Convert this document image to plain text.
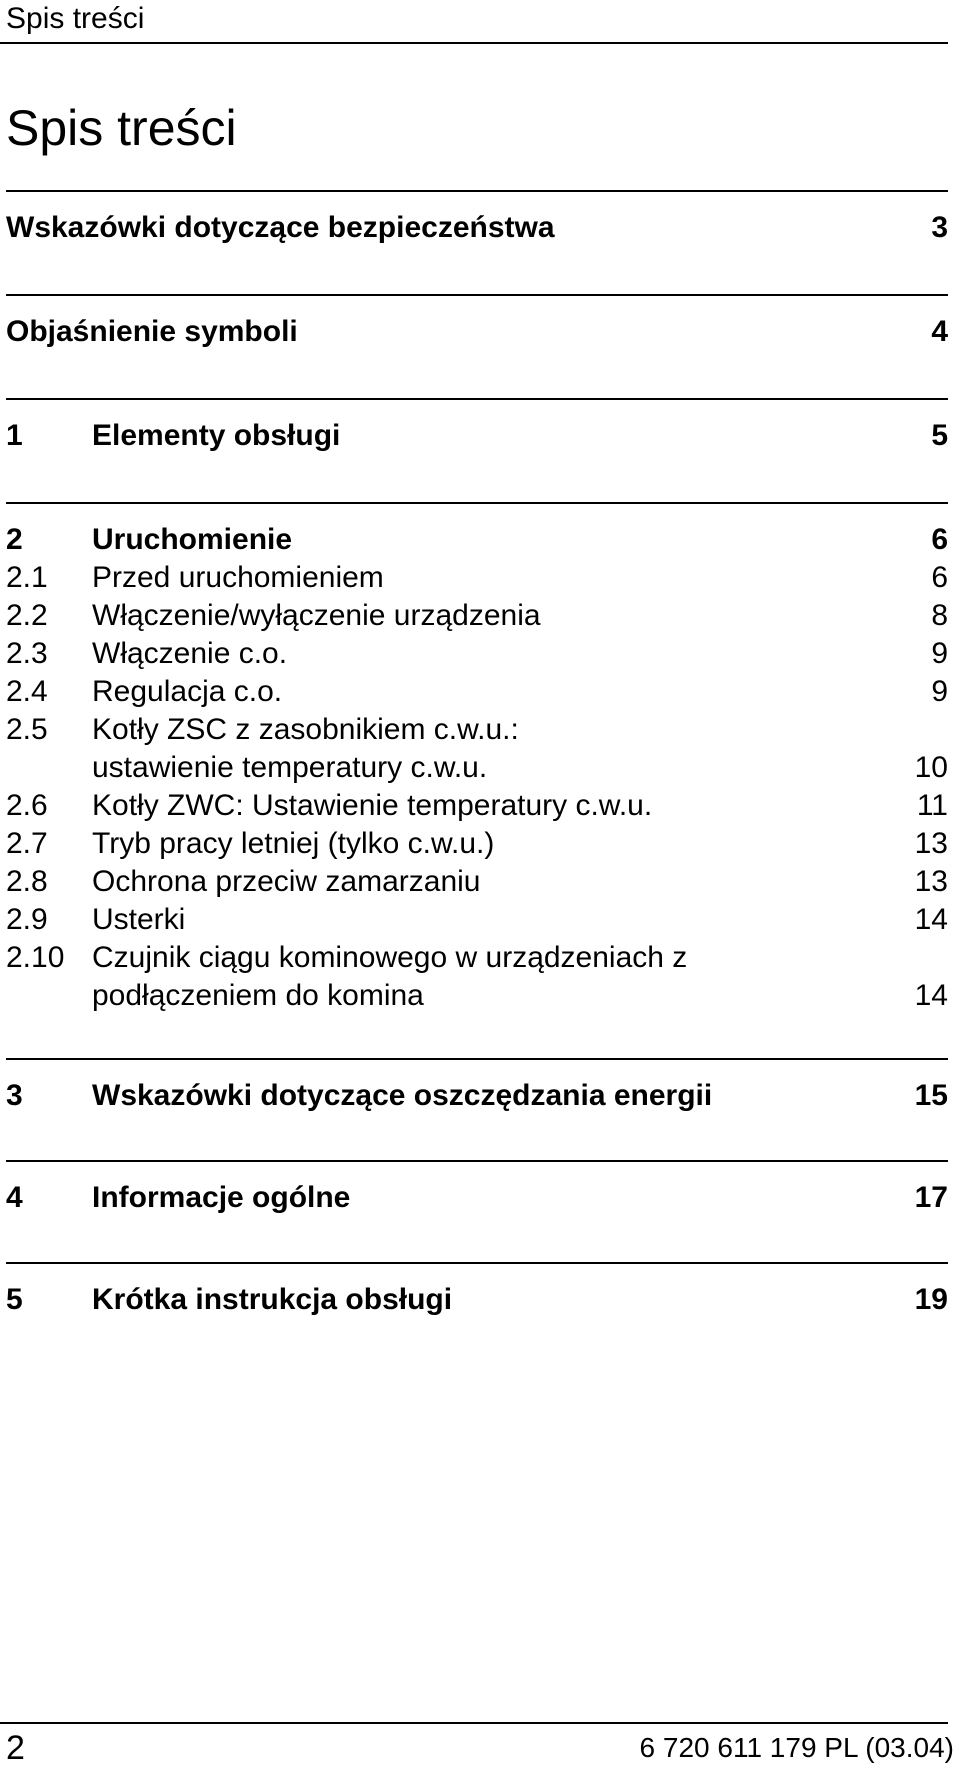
Spis treści
Spis treści
Wskazówki dotyczące bezpieczeństwa	3
Objaśnienie symboli	4
1 Elementy obsługi	5
2 Uruchomienie	6
2.1 Przed uruchomieniem	6
2.2 Włączenie/wyłączenie urządzenia	8
2.3 Włączenie c.o.	9
2.4 Regulacja c.o.	9
2.5 Kotły ZSC z zasobnikiem c.w.u.:
ustawienie temperatury c.w.u.	10
2.6 Kotły ZWC: Ustawienie temperatury c.w.u.	11
2.7 Tryb pracy letniej (tylko c.w.u.)	13
2.8 Ochrona przeciw zamarzaniu	13
2.9 Usterki	14
2.10 Czujnik ciągu kominowego w urządzeniach z
podłączeniem do komina	14
3 Wskazówki dotyczące oszczędzania energii	15
4 Informacje ogólne	17
5 Krótka instrukcja obsługi	19
2	6 720 611 179 PL (03.04)
